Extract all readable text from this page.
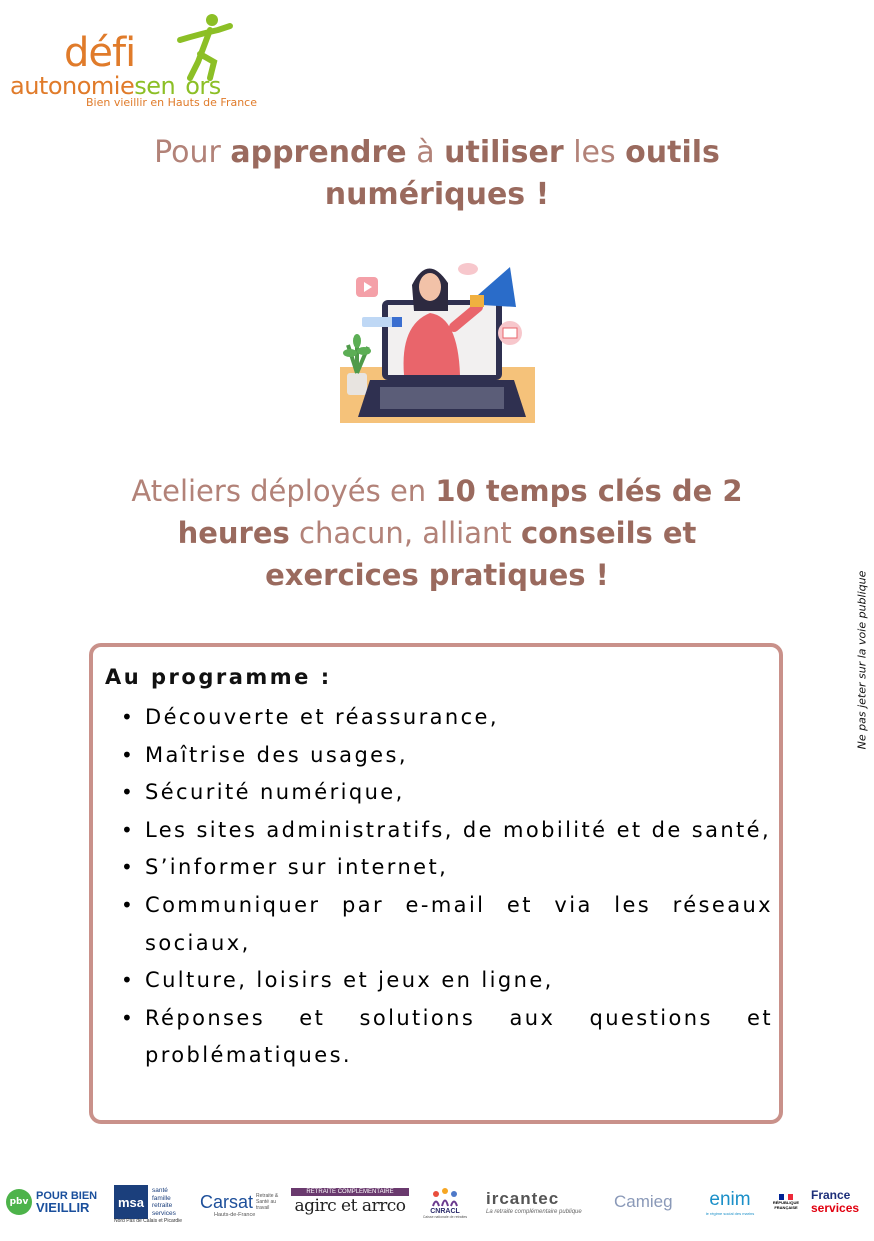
défi
autonomiesen ors
Bien vieillir en Hauts de France
Pour apprendre à utiliser les outils numériques !
Ateliers déployés en 10 temps clés de 2 heures chacun, alliant conseils et exercices pratiques !
Au programme :
• Découverte et réassurance,
• Maîtrise des usages,
• Sécurité numérique,
• Les sites administratifs, de mobilité et de santé,
• S’informer sur internet,
• Communiquer par e-mail et via les réseaux sociaux,
• Culture, loisirs et jeux en ligne,
• Réponses et solutions aux questions et problématiques.
Ne pas jeter sur la voie publique
pbv POUR BIEN
VIEILLIR	msa
santé
famille
retraite
services
Nord Pas de Calais et Picardie
Carsat Retraite & Santé au travail
Hauts-de-France
RETRAITE COMPLÉMENTAIRE
agirc et arrco	CNRACL
Caisse nationale de retraites
ircantec
La retraite complémentaire publique
Camieg enim
le régime social des marins
RÉPUBLIQUE FRANÇAISE
France
services
